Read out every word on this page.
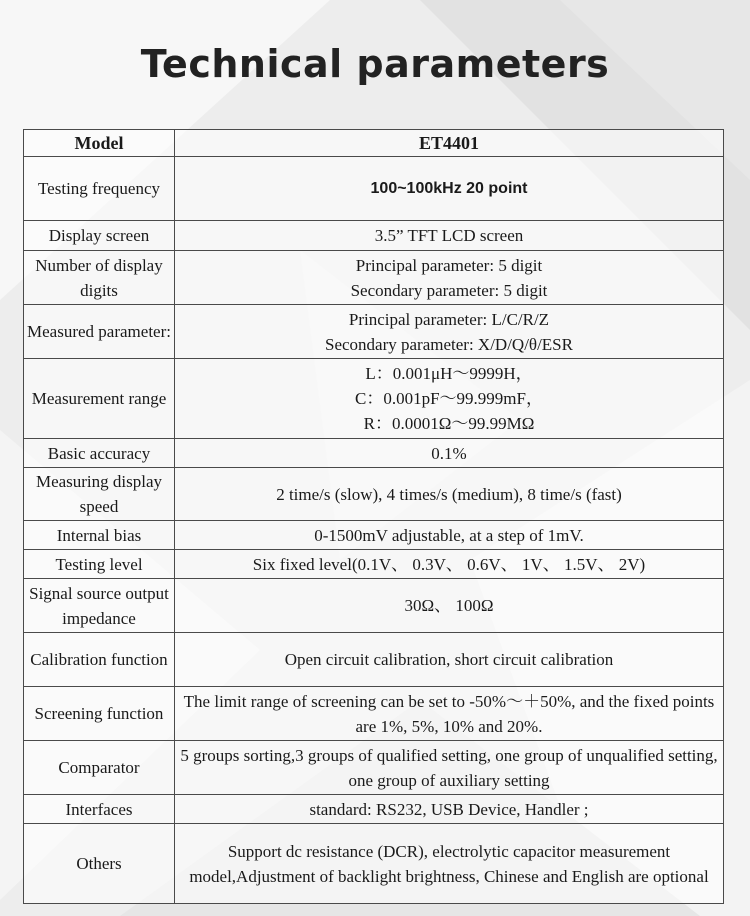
Technical parameters
Model	ET4401
Testing frequency	100~100kHz 20 point

Display screen	3.5” TFT LCD screen

Number of display digits	Principal parameter: 5 digit
Secondary parameter: 5 digit

Measured parameter:	Principal parameter: L/C/R/Z
Secondary parameter: X/D/Q/θ/ESR

Measurement range	L：0.001μH～9999H，
C：0.001pF～99.999mF，
R：0.0001Ω～99.99MΩ

Basic accuracy	0.1%

Measuring display speed	2 time/s (slow), 4 times/s (medium), 8 time/s (fast)

Internal bias	0-1500mV adjustable, at a step of 1mV.

Testing level	Six fixed level(0.1V、 0.3V、 0.6V、 1V、 1.5V、 2V)

Signal source output impedance	30Ω、 100Ω

Calibration function	Open circuit calibration, short circuit calibration

Screening function	The limit range of screening can be set to -50%～＋50%, and the fixed points are 1%, 5%, 10% and 20%.

Comparator	5 groups sorting,3 groups of qualified setting, one group of unqualified setting, one group of auxiliary setting

Interfaces	standard: RS232, USB Device, Handler ;

Others	Support dc resistance (DCR), electrolytic capacitor measurement model,Adjustment of backlight brightness, Chinese and English are optional
